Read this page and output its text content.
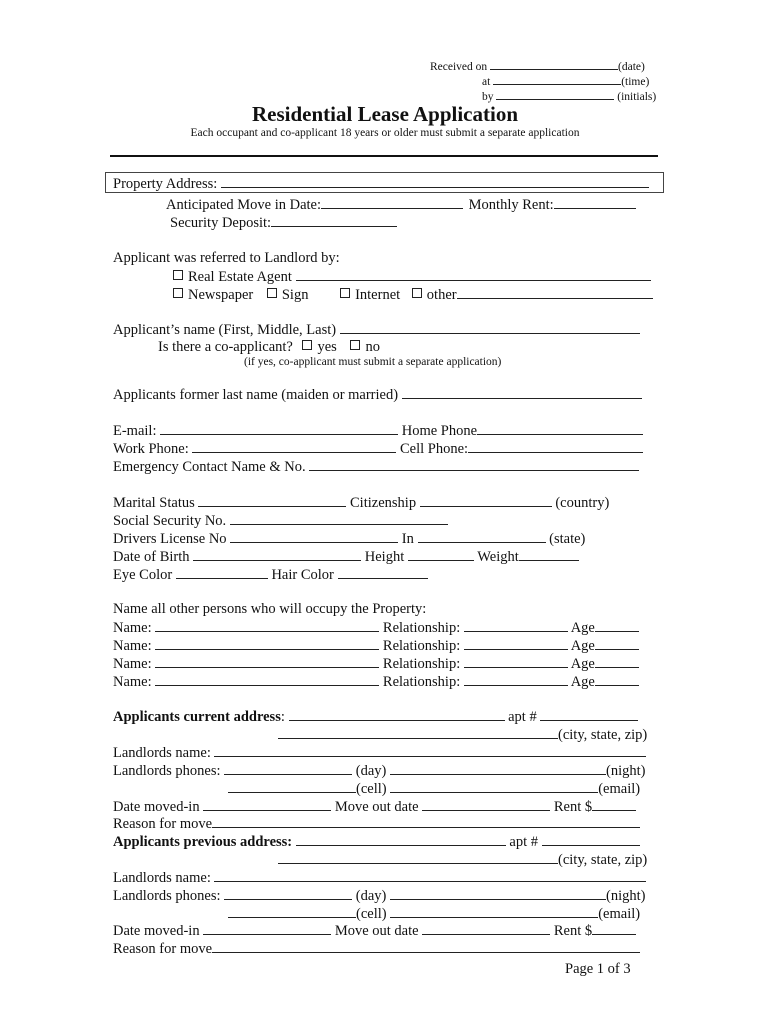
Received on	(date)
at	(time)
by	(initials)
Residential Lease Application
Each occupant and co-applicant 18 years or older must submit a separate application
Property Address:
Anticipated Move in Date:	Monthly Rent:
Security Deposit:
Applicant was referred to Landlord by:
Real Estate Agent
Newspaper Sign	Internet other
Applicant’s name (First, Middle, Last)
Is there a co-applicant? yes no
(if yes, co-applicant must submit a separate application)
Applicants former last name (maiden or married)
E-mail:	Home Phone
Work Phone:	Cell Phone:
Emergency Contact Name & No.
Marital Status	Citizenship	(country)
Social Security No.
Drivers License No	In	(state)
Date of Birth	Height	Weight
Eye Color	Hair Color
Name all other persons who will occupy the Property:
Name:	Relationship:	Age
Name:	Relationship:	Age
Name:	Relationship:	Age
Name:	Relationship:	Age
Applicants current address:	apt #
(city, state, zip)
Landlords name:
Landlords phones:	(day)	(night)
(cell)	(email)
Date moved-in	Move out date	Rent $
Reason for move
Applicants previous address:	apt #
(city, state, zip)
Landlords name:
Landlords phones:	(day)	(night)
(cell)	(email)
Date moved-in	Move out date	Rent $
Reason for move
Page 1 of 3
